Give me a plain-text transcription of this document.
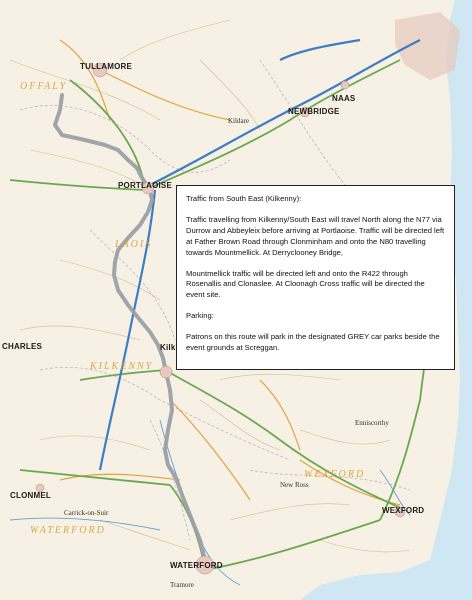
TULLAMORE
OFFALY
PORTLAOISE
LAOIS
NEWBRIDGE
NAAS
Kildare
Kilk
CHARLES
KILKENNY
CLONMEL
Carrick-on-Suir
WATERFORD
WATERFORD
Tramore
New Ross
WEXFORD
WEXFORD
Enniscorthy

Traffic from South East (Kilkenny):

Traffic travelling from Kilkenny/South East will travel North along the N77 via Durrow and Abbeyleix before arriving at Portlaoise. Traffic will be directed left at Father Brown Road through Clonminham and onto the N80 travelling towards Mountmellick. At Derryclooney Bridge,

Mountmellick traffic will be directed left and onto the R422 through Rosenallis and Clonaslee. At Cloonagh Cross traffic will be directed the event site.

Parking:

Patrons on this route will park in the designated GREY car parks beside the event grounds at Screggan.
